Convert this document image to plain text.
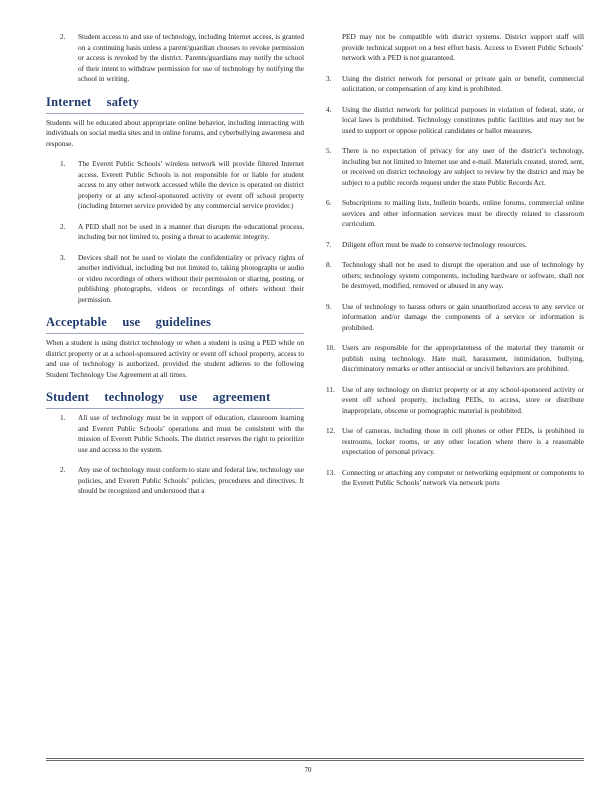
2.	Student access to and use of technology, including Internet access, is granted on a continuing basis unless a parent/guardian chooses to revoke permission or access is revoked by the district. Parents/guardians may notify the school of their intent to withdraw permission for use of technology by notifying the school in writing.
Internet safety

Students will be educated about appropriate online behavior, including interacting with individuals on social media sites and in online forums, and cyberbullying awareness and response.

1.	The Everett Public Schools’ wireless network will provide filtered Internet access. Everett Public Schools is not responsible for or liable for student access to any other network accessed while the device is operated on district property or at any school-sponsored activity or event off school property (including Internet service provided by any commercial service provider.)
2.	A PED shall not be used in a manner that disrupts the educational process, including but not limited to, posing a threat to academic integrity.
3.	Devices shall not be used to violate the confidentiality or privacy rights of another individual, including but not limited to, taking photographs or audio or video recordings of others without their permission or sharing, posting, or publishing photographs, videos or recordings of others without their permission.
Acceptable use guidelines

When a student is using district technology or when a student is using a PED while on district property or at a school-sponsored activity or event off school property, access to and use of technology is authorized, provided the student adheres to the following Student Technology Use Agreement at all times.

Student technology use agreement
1.	All use of technology must be in support of education, classroom learning and Everett Public Schools’ operations and must be consistent with the mission of Everett Public Schools. The district reserves the right to prioritize use and access to the system.
2.	Any use of technology must conform to state and federal law, technology use policies, and Everett Public Schools’ policies, procedures and directives. It should be recognized and understood that a
PED may not be compatible with district systems. District support staff will provide technical support on a best effort basis. Access to Everett Public Schools’ network with a PED is not guaranteed.
3.	Using the district network for personal or private gain or benefit, commercial solicitation, or compensation of any kind is prohibited.
4.	Using the district network for political purposes in violation of federal, state, or local laws is prohibited. Technology constitutes public facilities and may not be used to support or oppose political candidates or ballot measures.
5.	There is no expectation of privacy for any user of the district’s technology, including but not limited to Internet use and e-mail. Materials created, stored, sent, or received on district technology are subject to review by the district and may be subject to a public records request under the state Public Records Act.
6.	Subscriptions to mailing lists, bulletin boards, online forums, commercial online services and other information services must be directly related to classroom curriculum.
7.	Diligent effort must be made to conserve technology resources.
8.	Technology shall not be used to disrupt the operation and use of technology by others; technology system components, including hardware or software, shall not be destroyed, modified, removed or abused in any way.
9.	Use of technology to harass others or gain unauthorized access to any service or information and/or damage the components of a service or information is prohibited.
10. Users are responsible for the appropriateness of the material they transmit or publish using technology. Hate mail, harassment, intimidation, bullying, discriminatory remarks or other antisocial or uncivil behaviors are prohibited.
11. Use of any technology on district property or at any school-sponsored activity or event off school property, including PEDs, to access, store or distribute inappropriate, obscene or pornographic material is prohibited.
12. Use of cameras, including those in cell phones or other PEDs, is prohibited in restrooms, locker rooms, or any other location where there is a reasonable expectation of personal privacy.
13. Connecting or attaching any computer or networking equipment or components to the Everett Public Schools’ network via network ports
70
